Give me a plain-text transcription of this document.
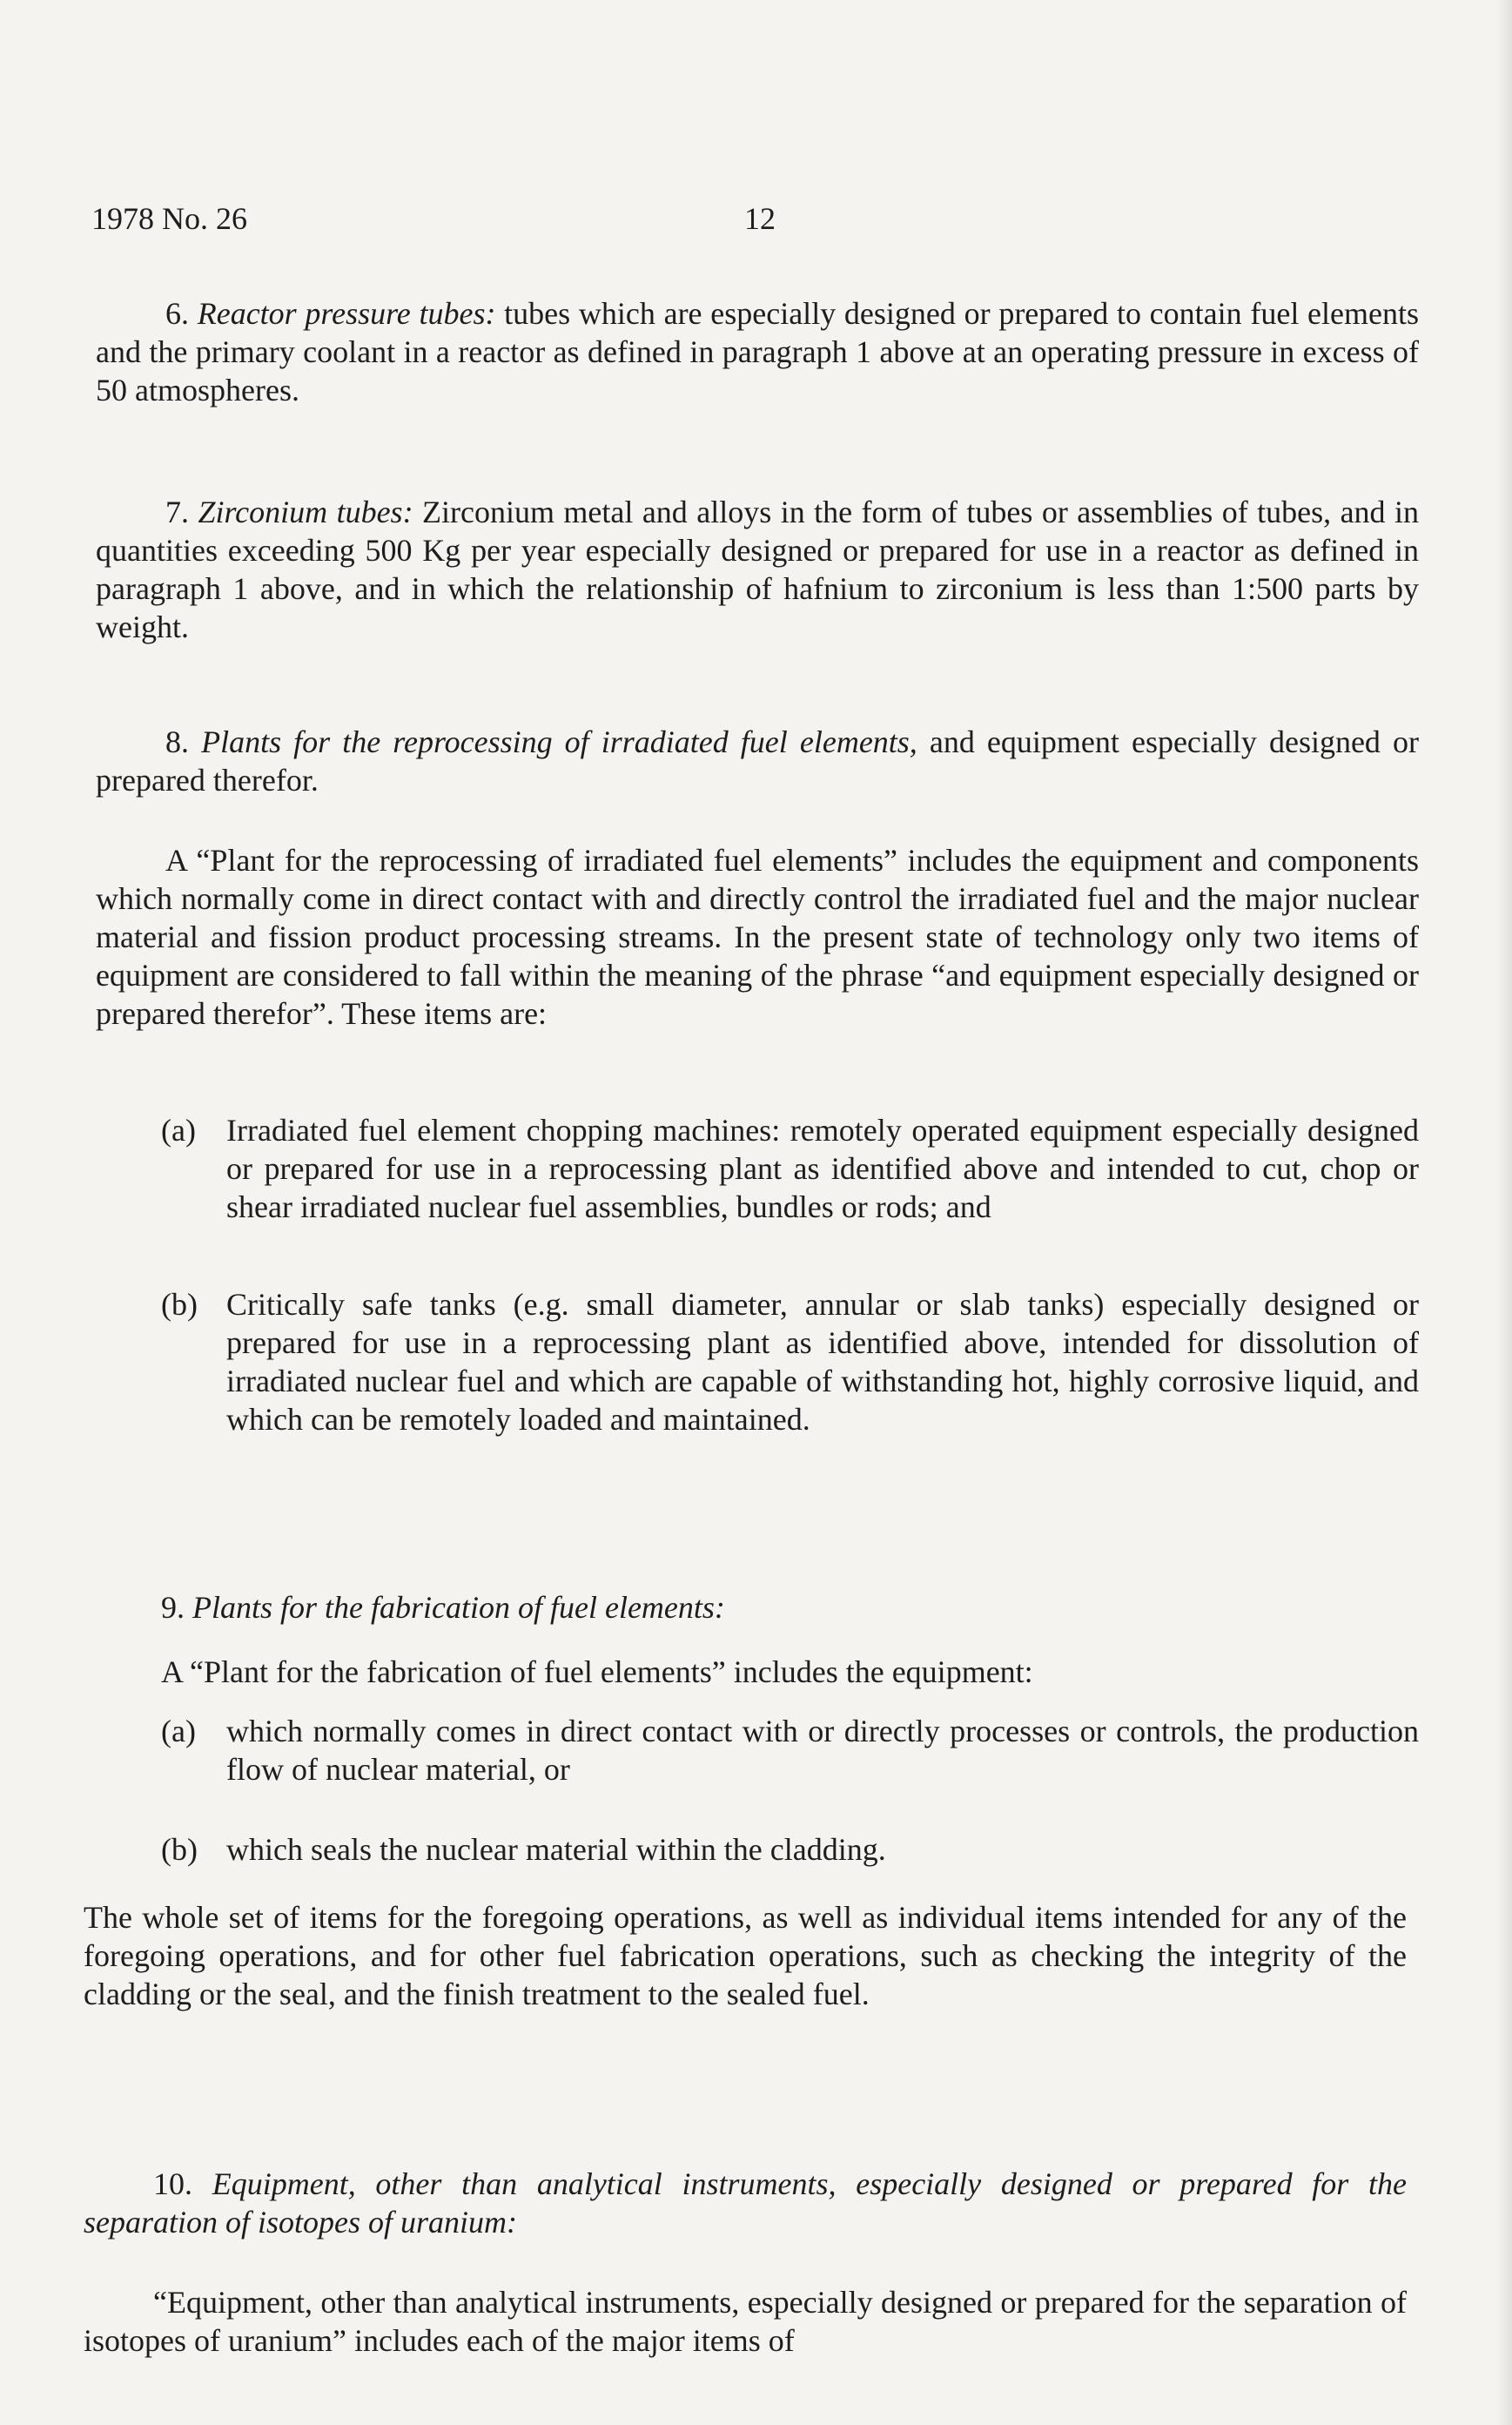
1978 No. 26	12

6. Reactor pressure tubes: tubes which are especially designed or prepared to contain fuel elements and the primary coolant in a reactor as defined in paragraph 1 above at an operating pressure in excess of 50 atmospheres.

7. Zirconium tubes: Zirconium metal and alloys in the form of tubes or assemblies of tubes, and in quantities exceeding 500 Kg per year especially designed or prepared for use in a reactor as defined in paragraph 1 above, and in which the relationship of hafnium to zirconium is less than 1:500 parts by weight.

8. Plants for the reprocessing of irradiated fuel elements, and equipment especially designed or prepared therefor.

A “Plant for the reprocessing of irradiated fuel elements” includes the equipment and components which normally come in direct contact with and directly control the irradiated fuel and the major nuclear material and fission product processing streams. In the present state of technology only two items of equipment are considered to fall within the meaning of the phrase “and equipment especially designed or prepared therefor”. These items are:

(a) Irradiated fuel element chopping machines: remotely operated equipment especially designed or prepared for use in a reprocessing plant as identified above and intended to cut, chop or shear irradiated nuclear fuel assemblies, bundles or rods; and
(b) Critically safe tanks (e.g. small diameter, annular or slab tanks) especially designed or prepared for use in a reprocessing plant as identified above, intended for dissolution of irradiated nuclear fuel and which are capable of withstanding hot, highly corrosive liquid, and which can be remotely loaded and maintained.

9. Plants for the fabrication of fuel elements:

A “Plant for the fabrication of fuel elements” includes the equipment:

(a) which normally comes in direct contact with or directly processes or controls, the production flow of nuclear material, or
(b) which seals the nuclear material within the cladding.

The whole set of items for the foregoing operations, as well as individual items intended for any of the foregoing operations, and for other fuel fabrication operations, such as checking the integrity of the cladding or the seal, and the finish treatment to the sealed fuel.

10. Equipment, other than analytical instruments, especially designed or prepared for the separation of isotopes of uranium:

“Equipment, other than analytical instruments, especially designed or prepared for the separation of isotopes of uranium” includes each of the major items of
